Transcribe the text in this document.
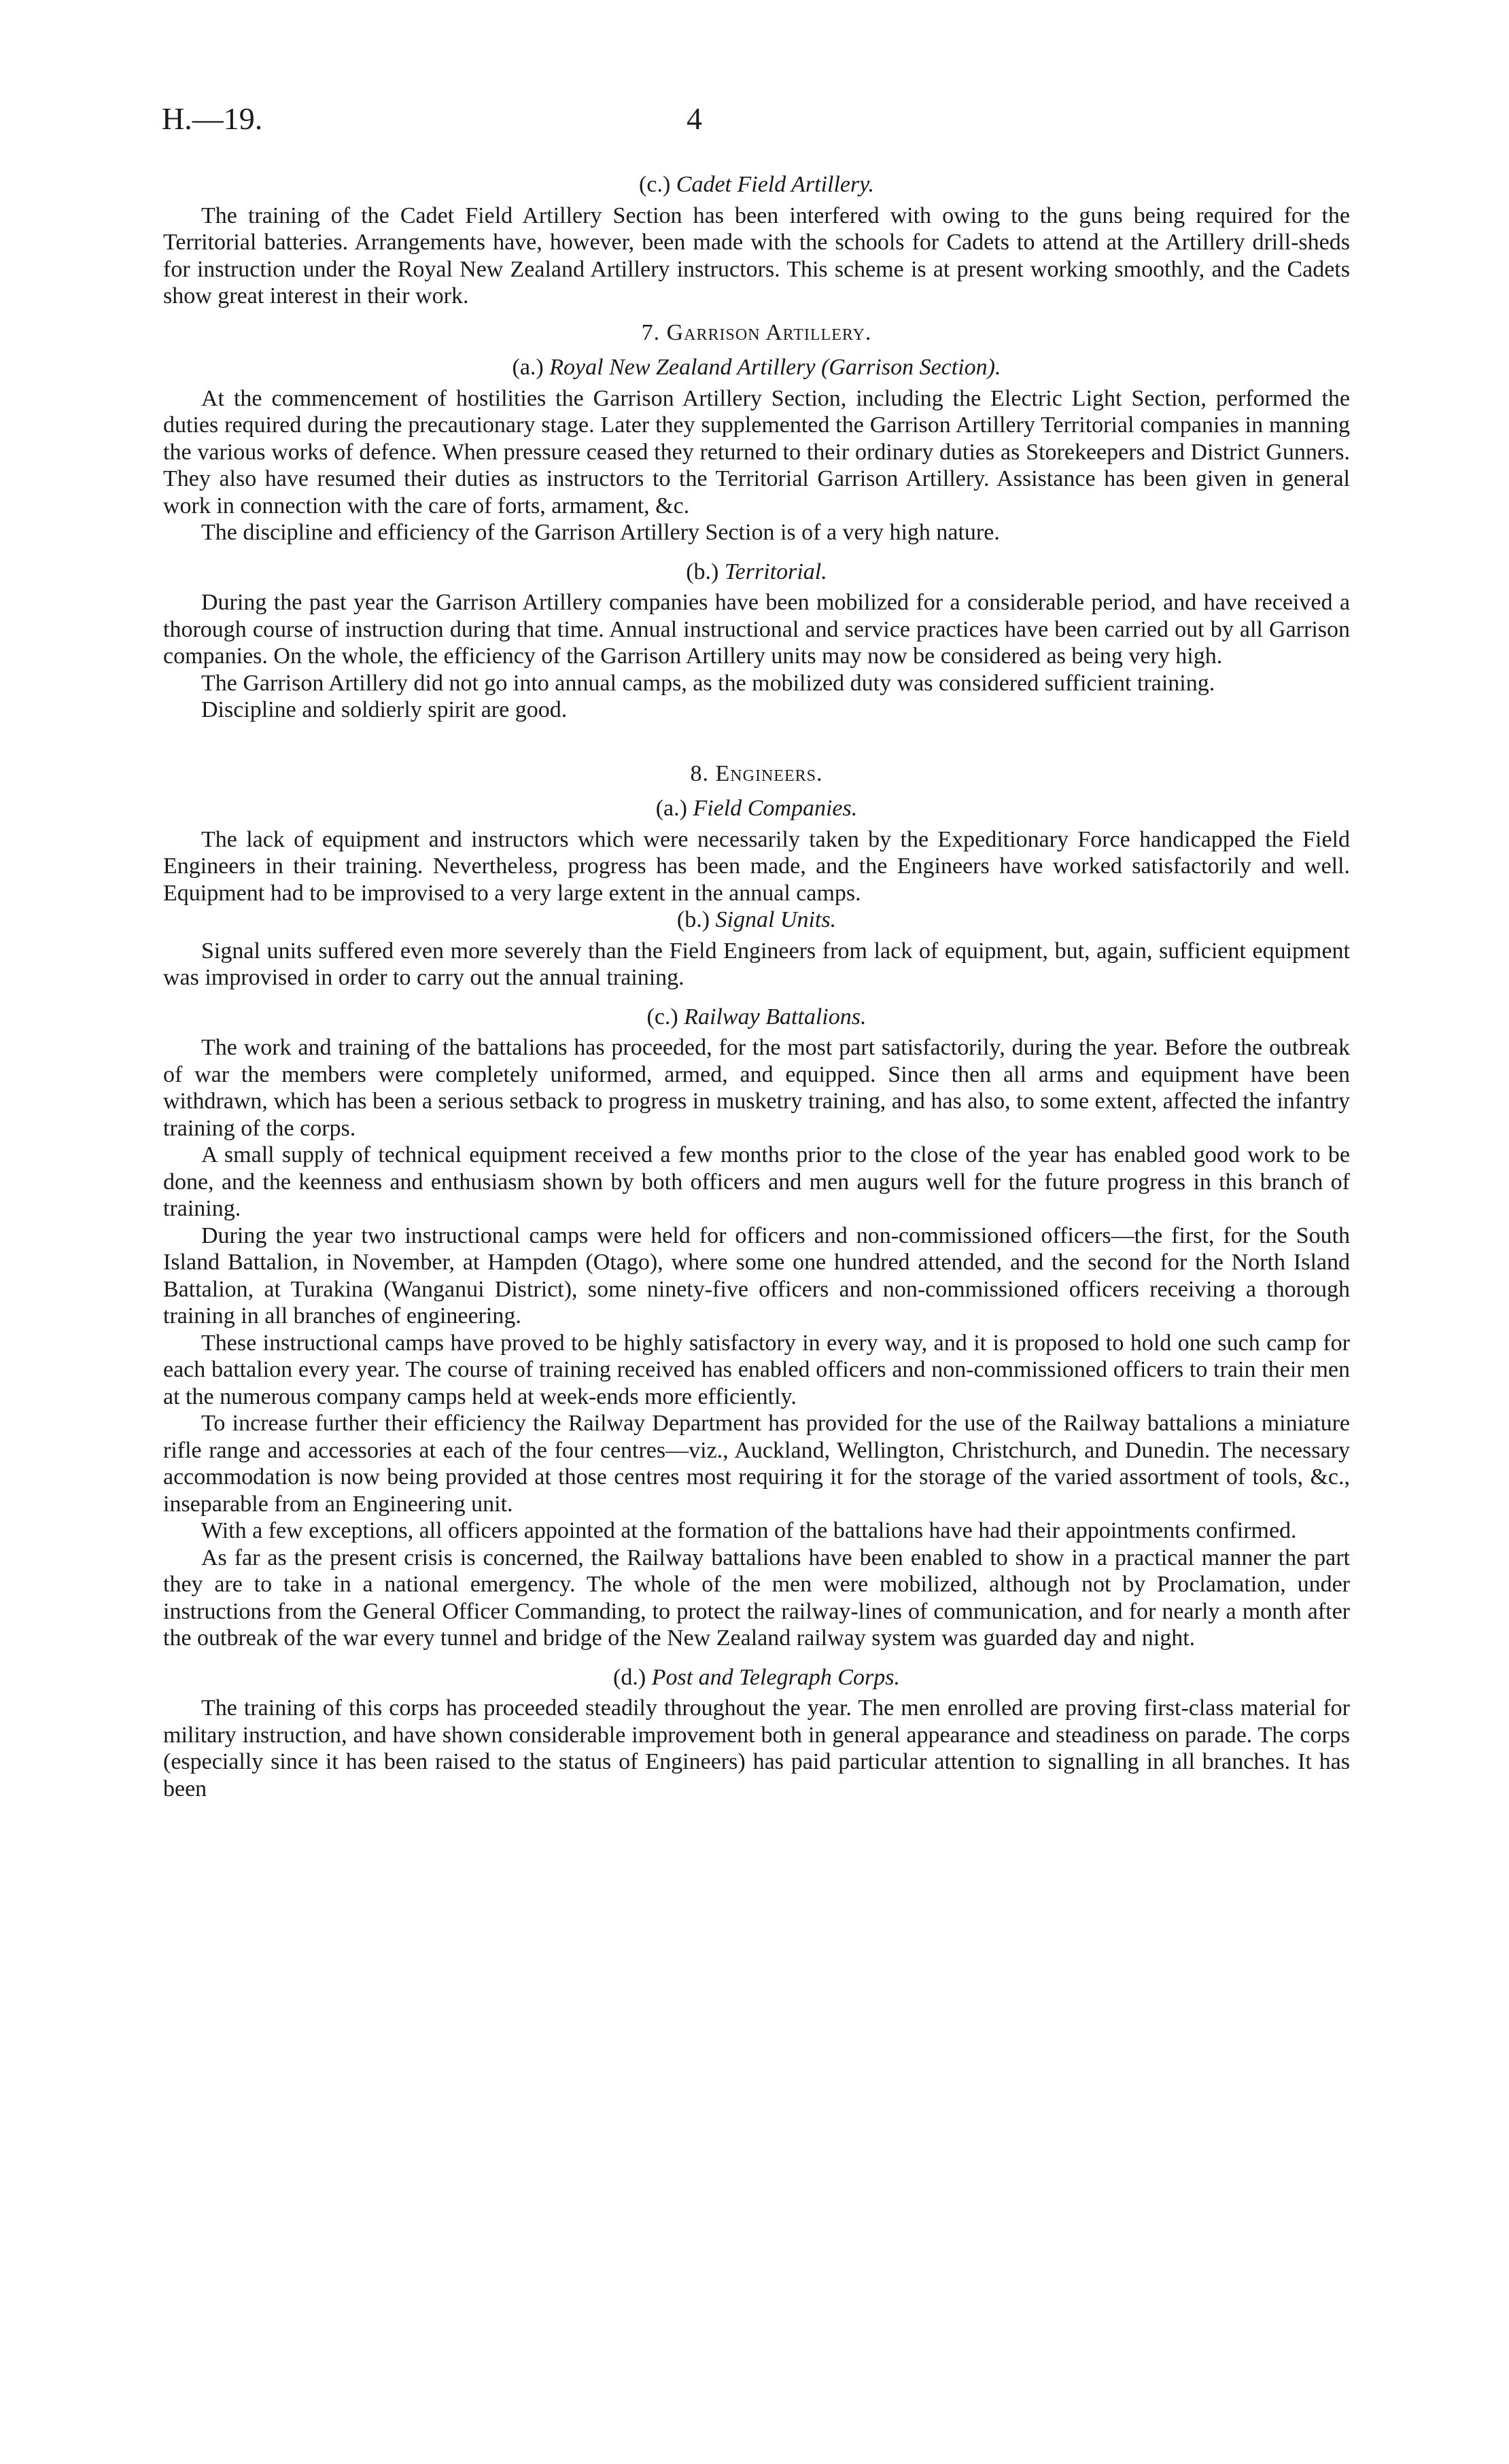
H.—19.	4
(c.) Cadet Field Artillery.

The training of the Cadet Field Artillery Section has been interfered with owing to the guns being required for the Territorial batteries. Arrangements have, however, been made with the schools for Cadets to attend at the Artillery drill-sheds for instruction under the Royal New Zealand Artillery instructors. This scheme is at present working smoothly, and the Cadets show great interest in their work.

7. Garrison Artillery.
(a.) Royal New Zealand Artillery (Garrison Section).

At the commencement of hostilities the Garrison Artillery Section, including the Electric Light Section, performed the duties required during the precautionary stage. Later they supplemented the Garrison Artillery Territorial companies in manning the various works of defence. When pressure ceased they returned to their ordinary duties as Storekeepers and District Gunners. They also have resumed their duties as instructors to the Territorial Garrison Artillery. Assistance has been given in general work in connection with the care of forts, armament, &c.

The discipline and efficiency of the Garrison Artillery Section is of a very high nature.

(b.) Territorial.

During the past year the Garrison Artillery companies have been mobilized for a considerable period, and have received a thorough course of instruction during that time. Annual instructional and service practices have been carried out by all Garrison companies. On the whole, the efficiency of the Garrison Artillery units may now be considered as being very high.

The Garrison Artillery did not go into annual camps, as the mobilized duty was considered sufficient training.

Discipline and soldierly spirit are good.

8. Engineers.
(a.) Field Companies.

The lack of equipment and instructors which were necessarily taken by the Expeditionary Force handicapped the Field Engineers in their training. Nevertheless, progress has been made, and the Engineers have worked satisfactorily and well. Equipment had to be improvised to a very large extent in the annual camps.

(b.) Signal Units.

Signal units suffered even more severely than the Field Engineers from lack of equipment, but, again, sufficient equipment was improvised in order to carry out the annual training.

(c.) Railway Battalions.

The work and training of the battalions has proceeded, for the most part satisfactorily, during the year. Before the outbreak of war the members were completely uniformed, armed, and equipped. Since then all arms and equipment have been withdrawn, which has been a serious setback to progress in musketry training, and has also, to some extent, affected the infantry training of the corps.

A small supply of technical equipment received a few months prior to the close of the year has enabled good work to be done, and the keenness and enthusiasm shown by both officers and men augurs well for the future progress in this branch of training.

During the year two instructional camps were held for officers and non-commissioned officers—the first, for the South Island Battalion, in November, at Hampden (Otago), where some one hundred attended, and the second for the North Island Battalion, at Turakina (Wanganui District), some ninety-five officers and non-commissioned officers receiving a thorough training in all branches of engineering.

These instructional camps have proved to be highly satisfactory in every way, and it is proposed to hold one such camp for each battalion every year. The course of training received has enabled officers and non-commissioned officers to train their men at the numerous company camps held at week-ends more efficiently.

To increase further their efficiency the Railway Department has provided for the use of the Railway battalions a miniature rifle range and accessories at each of the four centres—viz., Auckland, Wellington, Christchurch, and Dunedin. The necessary accommodation is now being provided at those centres most requiring it for the storage of the varied assortment of tools, &c., inseparable from an Engineering unit.

With a few exceptions, all officers appointed at the formation of the battalions have had their appointments confirmed.

As far as the present crisis is concerned, the Railway battalions have been enabled to show in a practical manner the part they are to take in a national emergency. The whole of the men were mobilized, although not by Proclamation, under instructions from the General Officer Commanding, to protect the railway-lines of communication, and for nearly a month after the outbreak of the war every tunnel and bridge of the New Zealand railway system was guarded day and night.

(d.) Post and Telegraph Corps.

The training of this corps has proceeded steadily throughout the year. The men enrolled are proving first-class material for military instruction, and have shown considerable improvement both in general appearance and steadiness on parade. The corps (especially since it has been raised to the status of Engineers) has paid particular attention to signalling in all branches. It has been
